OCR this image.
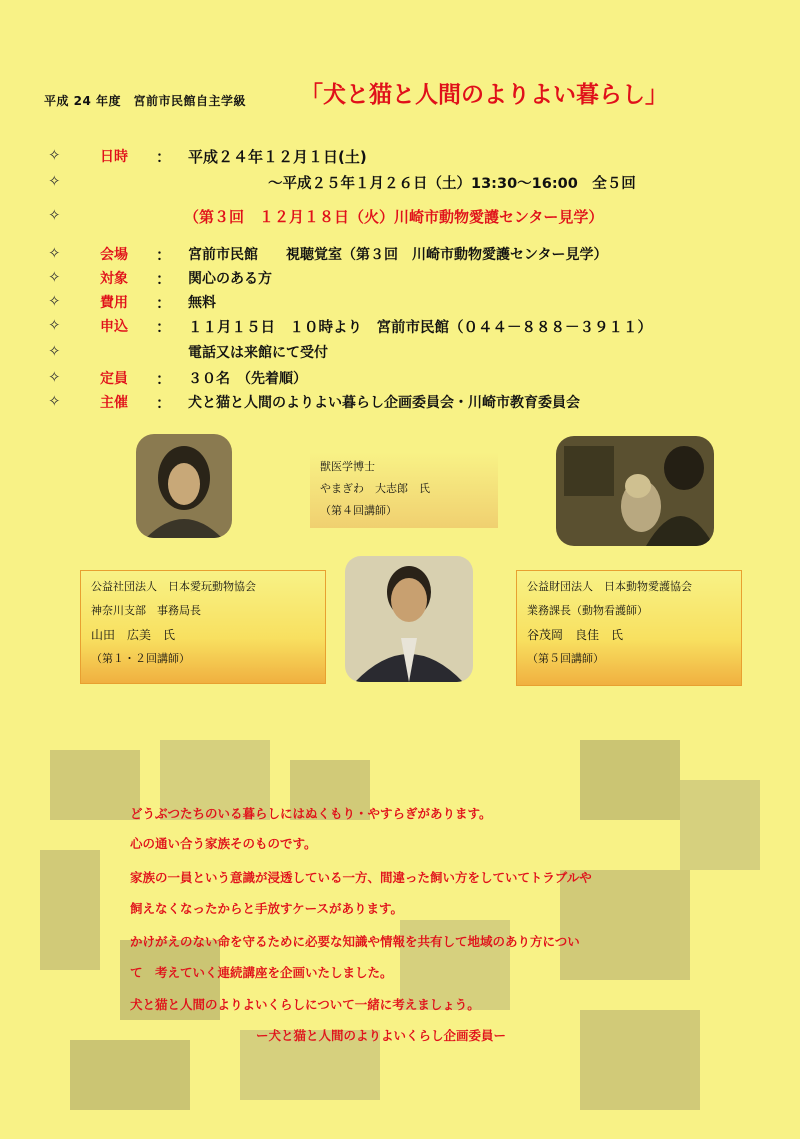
平成 24 年度　宮前市民館自主学級 「犬と猫と人間のよりよい暮らし」
✧	日時 ： 平成２４年１２月１日(土)
✧	～平成２５年１月２６日（土）13:30～16:00　全５回
✧	（第３回　１２月１８日（火）川崎市動物愛護センター見学）
✧	会場 ： 宮前市民館　　視聴覚室（第３回　川崎市動物愛護センター見学）
✧	対象 ： 関心のある方
✧	費用 ： 無料
✧	申込 ： １１月１５日　１０時より　宮前市民館（０４４－８８８－３９１１）
✧	電話又は来館にて受付
✧	定員 ： ３０名　（先着順）
✧	主催 ： 犬と猫と人間のよりよい暮らし企画委員会・川崎市教育委員会
獣医学博士
やまぎわ　大志郎　氏
（第４回講師）
公益社団法人　日本愛玩動物協会
神奈川支部　事務局長
山田　広美　氏
（第１・２回講師）
公益財団法人　日本動物愛護協会
業務課長（動物看護師）
谷茂岡　良佳　氏
（第５回講師）
どうぶつたちのいる暮らしにはぬくもり・やすらぎがあります。
心の通い合う家族そのものです。
家族の一員という意識が浸透している一方、間違った飼い方をしていてトラブルや
飼えなくなったからと手放すケースがあります。
かけがえのない命を守るために必要な知識や情報を共有して地域のあり方につい
て　考えていく連続講座を企画いたしました。
犬と猫と人間のよりよいくらしについて一緒に考えましょう。
ー犬と猫と人間のよりよいくらし企画委員ー
